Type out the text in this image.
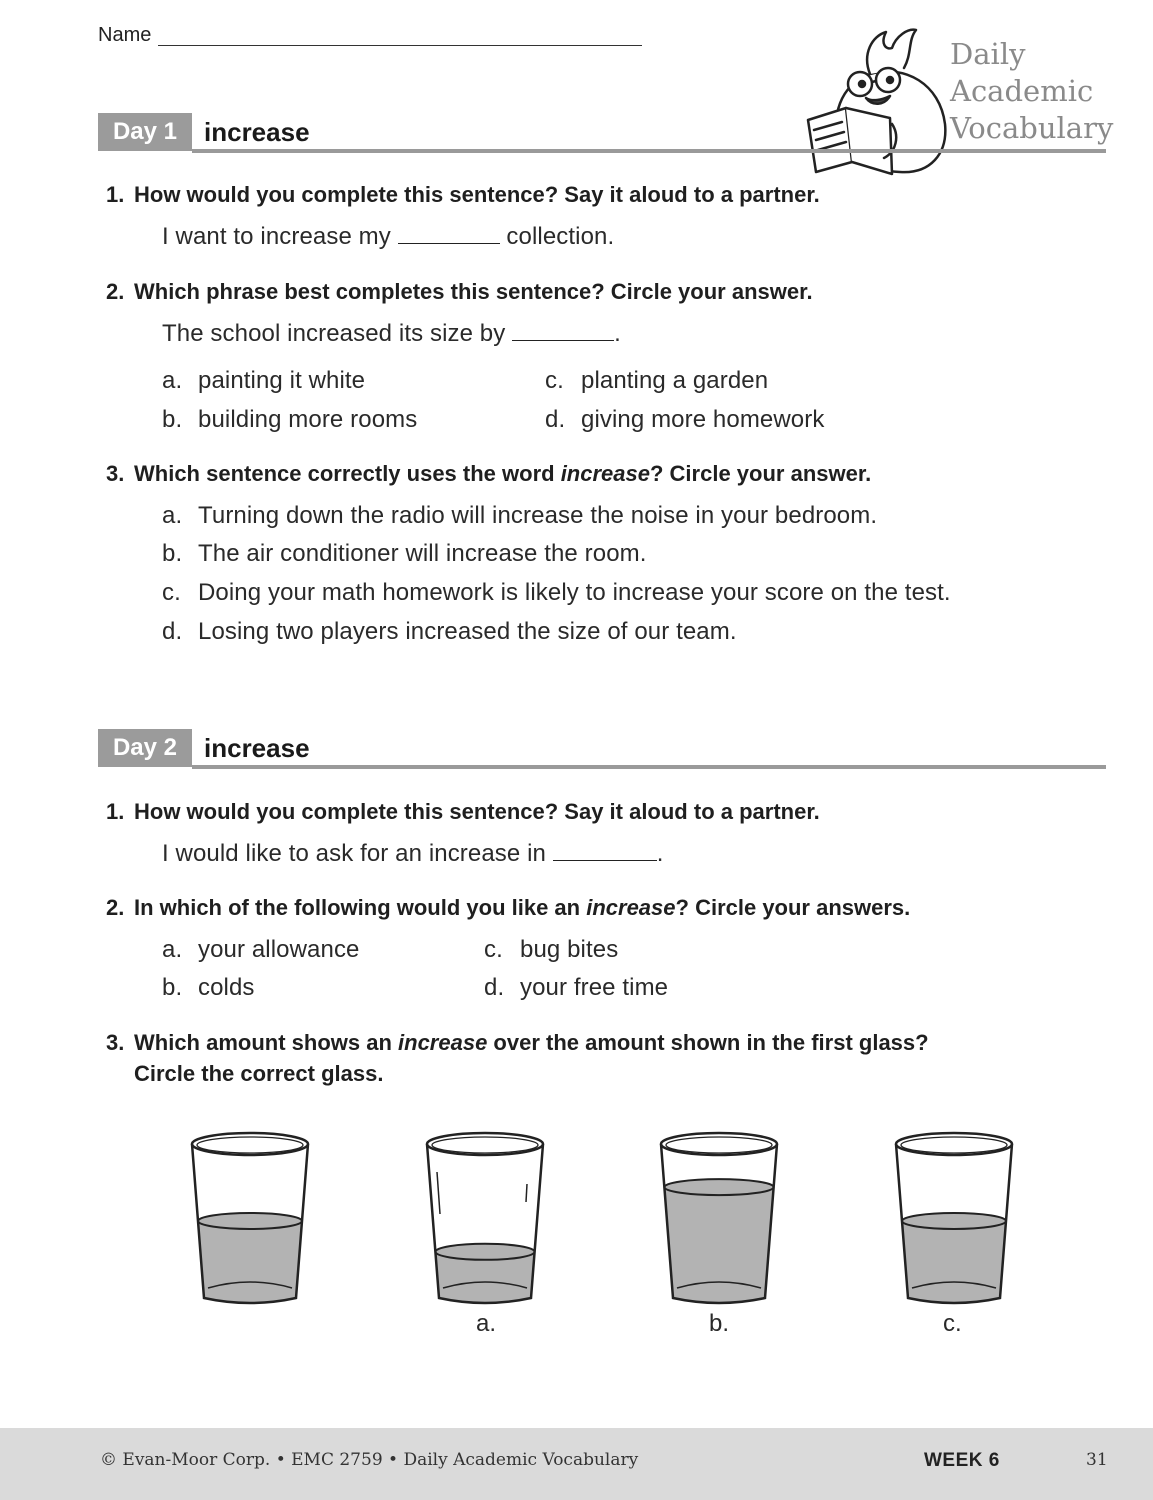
Name
Daily
Academic
Vocabulary
Day 1	increase
1. How would you complete this sentence? Say it aloud to a partner.
I want to increase my	collection.
2. Which phrase best completes this sentence? Circle your answer.
The school increased its size by	.
a. painting it white
b. building more rooms
c. planting a garden
d. giving more homework
3. Which sentence correctly uses the word increase? Circle your answer.
a. Turning down the radio will increase the noise in your bedroom.
b. The air conditioner will increase the room.
c. Doing your math homework is likely to increase your score on the test.
d. Losing two players increased the size of our team.
Day 2	increase
1. How would you complete this sentence? Say it aloud to a partner.
I would like to ask for an increase in	.
2. In which of the following would you like an increase? Circle your answers.
a. your allowance
b. colds
c. bug bites
d. your free time
3. Which amount shows an increase over the amount shown in the first glass?
Circle the correct glass.
a.	b.	c.
© Evan-Moor Corp. • EMC 2759 • Daily Academic Vocabulary	WEEK 6	31
